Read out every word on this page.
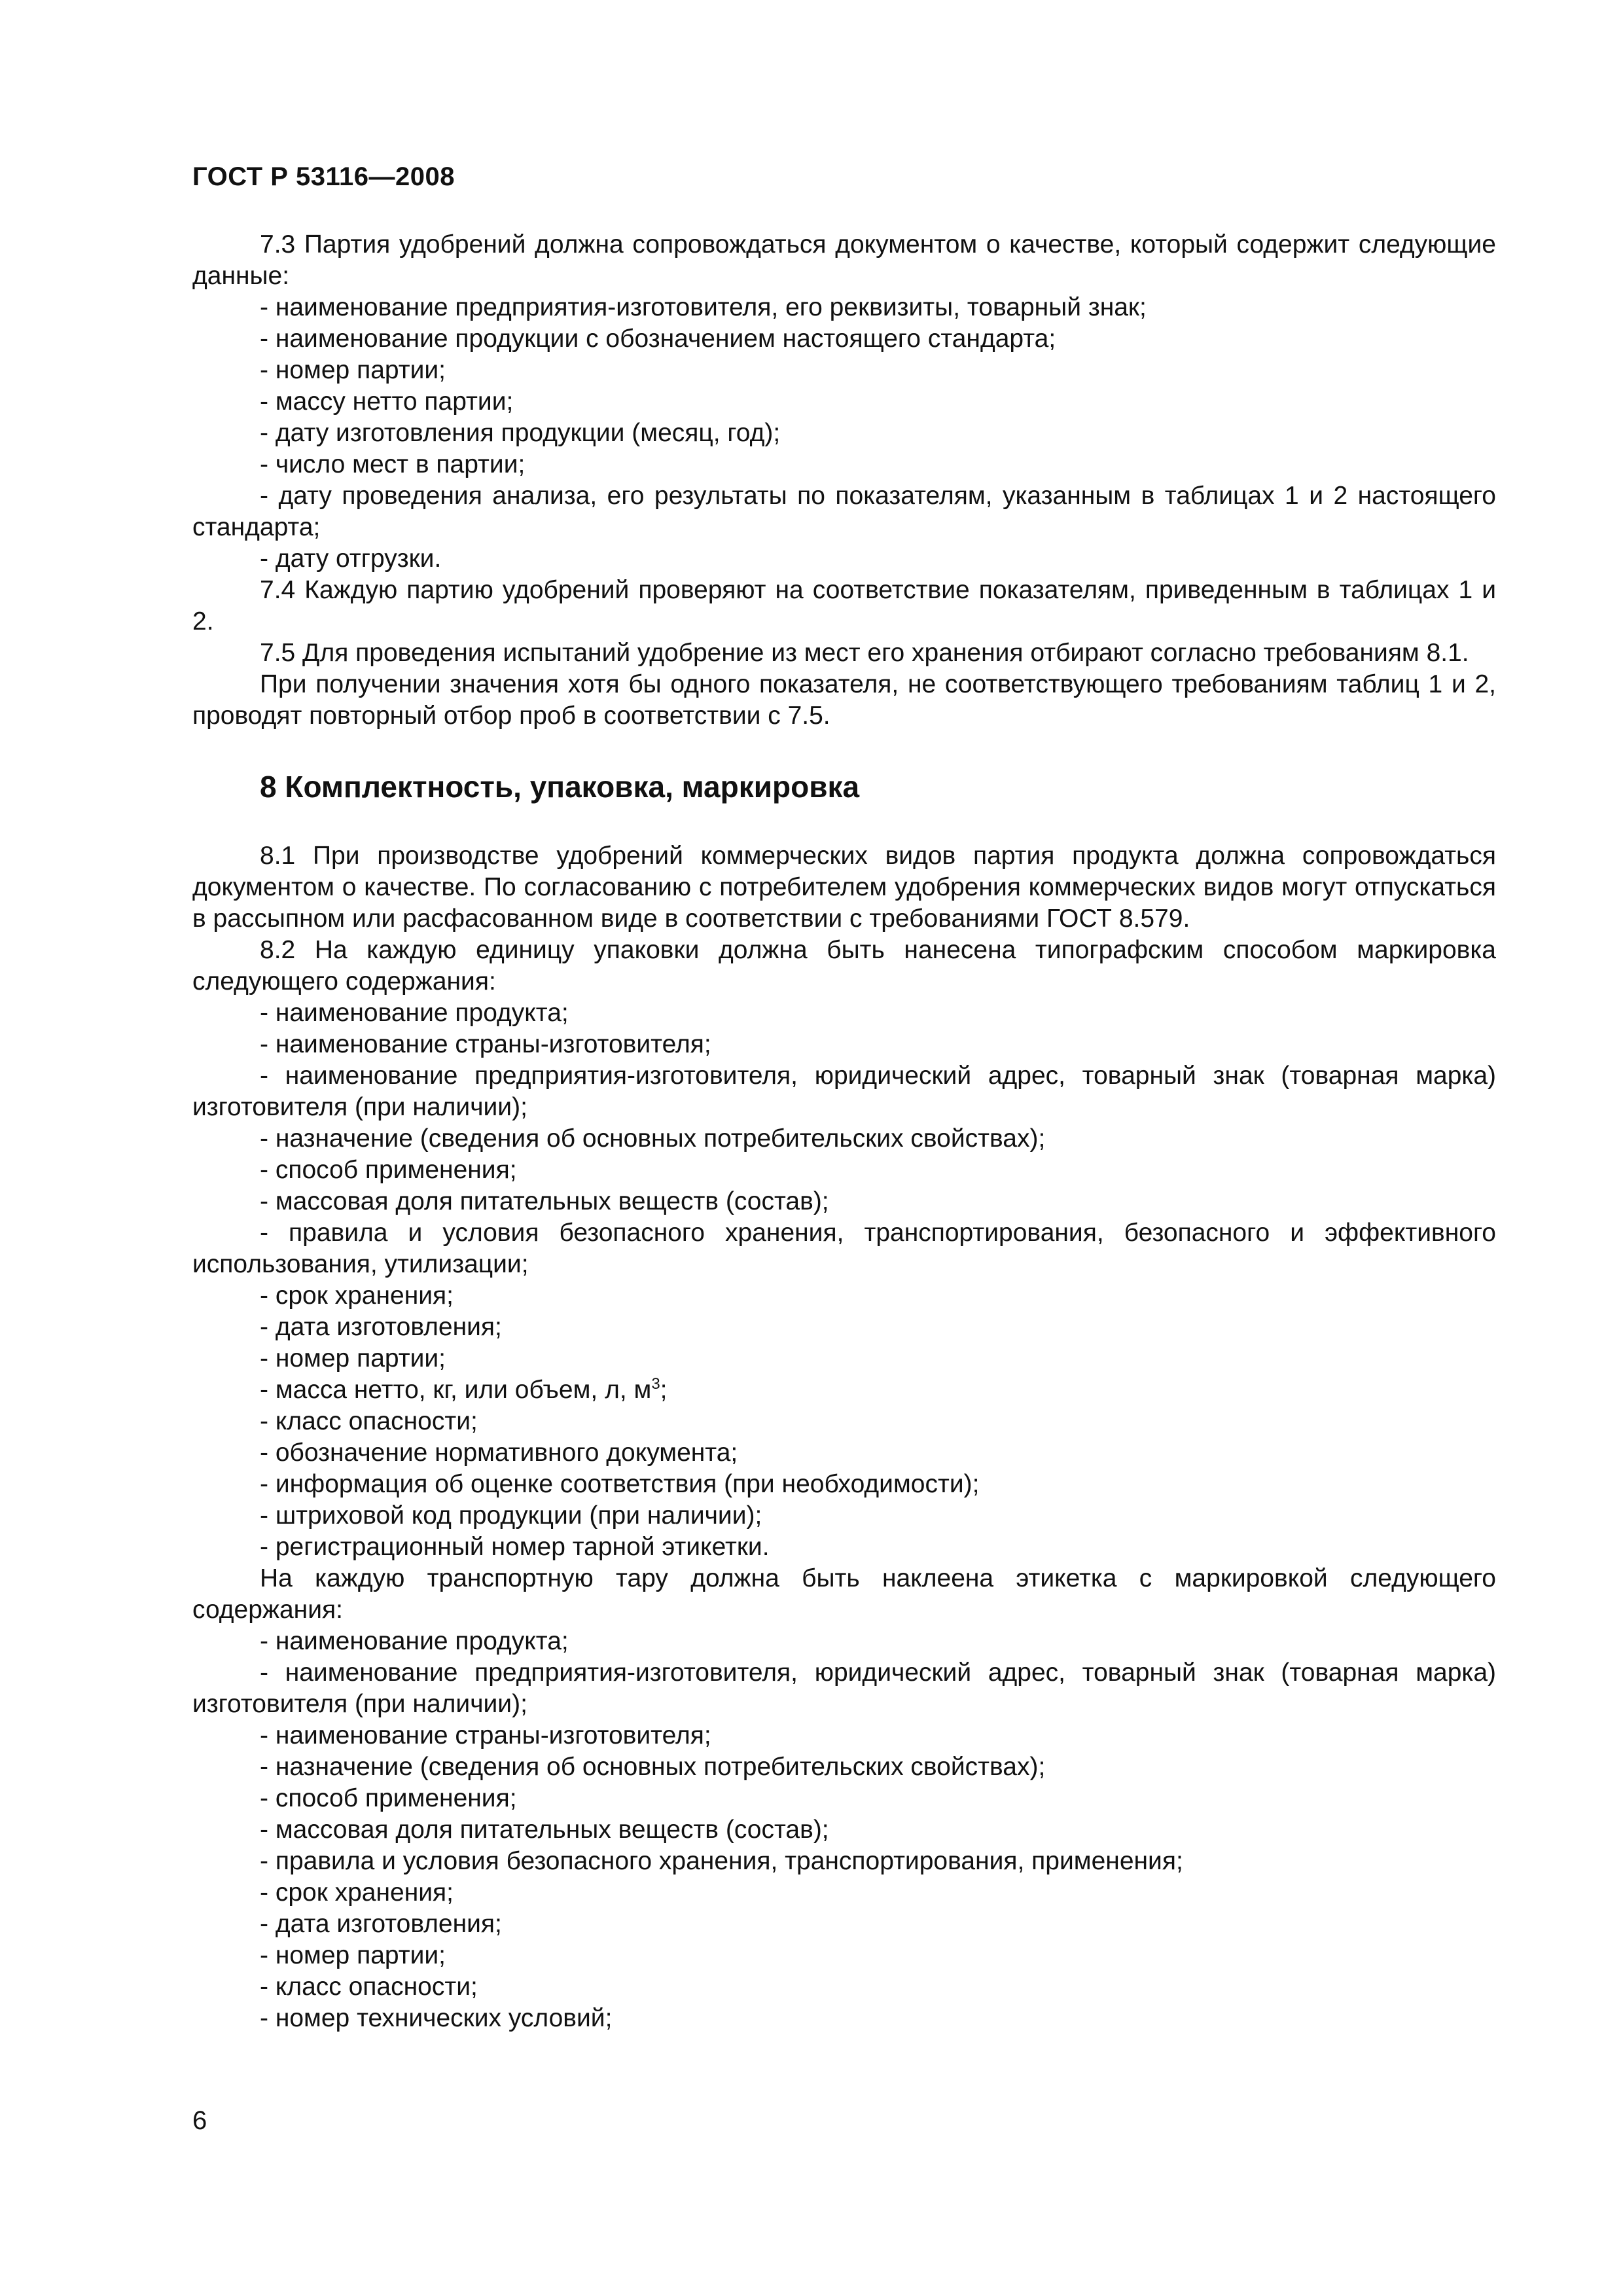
ГОСТ Р 53116—2008

7.3 Партия удобрений должна сопровождаться документом о качестве, который содержит следующие данные:

- наименование предприятия-изготовителя, его реквизиты, товарный знак;

- наименование продукции с обозначением настоящего стандарта;

- номер партии;

- массу нетто партии;

- дату изготовления продукции (месяц, год);

- число мест в партии;

- дату проведения анализа, его результаты по показателям, указанным в таблицах 1 и 2 настоящего стандарта;

- дату отгрузки.

7.4 Каждую партию удобрений проверяют на соответствие показателям, приведенным в таблицах 1 и 2.

7.5 Для проведения испытаний удобрение из мест его хранения отбирают согласно требованиям 8.1.

При получении значения хотя бы одного показателя, не соответствующего требованиям таблиц 1 и 2, проводят повторный отбор проб в соответствии с 7.5.

8 Комплектность, упаковка, маркировка

8.1 При производстве удобрений коммерческих видов партия продукта должна сопровождаться документом о качестве. По согласованию с потребителем удобрения коммерческих видов могут отпускаться в рассыпном или расфасованном виде в соответствии с требованиями ГОСТ 8.579.

8.2 На каждую единицу упаковки должна быть нанесена типографским способом маркировка следующего содержания:

- наименование продукта;

- наименование страны-изготовителя;

- наименование предприятия-изготовителя, юридический адрес, товарный знак (товарная марка) изготовителя (при наличии);

- назначение (сведения об основных потребительских свойствах);

- способ применения;

- массовая доля питательных веществ (состав);

- правила и условия безопасного хранения, транспортирования, безопасного и эффективного использования, утилизации;

- срок хранения;

- дата изготовления;

- номер партии;

- масса нетто, кг, или объем, л, $м^3$;

- класс опасности;

- обозначение нормативного документа;

- информация об оценке соответствия (при необходимости);

- штриховой код продукции (при наличии);

- регистрационный номер тарной этикетки.

На каждую транспортную тару должна быть наклеена этикетка с маркировкой следующего содержания:

- наименование продукта;

- наименование предприятия-изготовителя, юридический адрес, товарный знак (товарная марка) изготовителя (при наличии);

- наименование страны-изготовителя;

- назначение (сведения об основных потребительских свойствах);

- способ применения;

- массовая доля питательных веществ (состав);

- правила и условия безопасного хранения, транспортирования, применения;

- срок хранения;

- дата изготовления;

- номер партии;

- класс опасности;

- номер технических условий;

6
